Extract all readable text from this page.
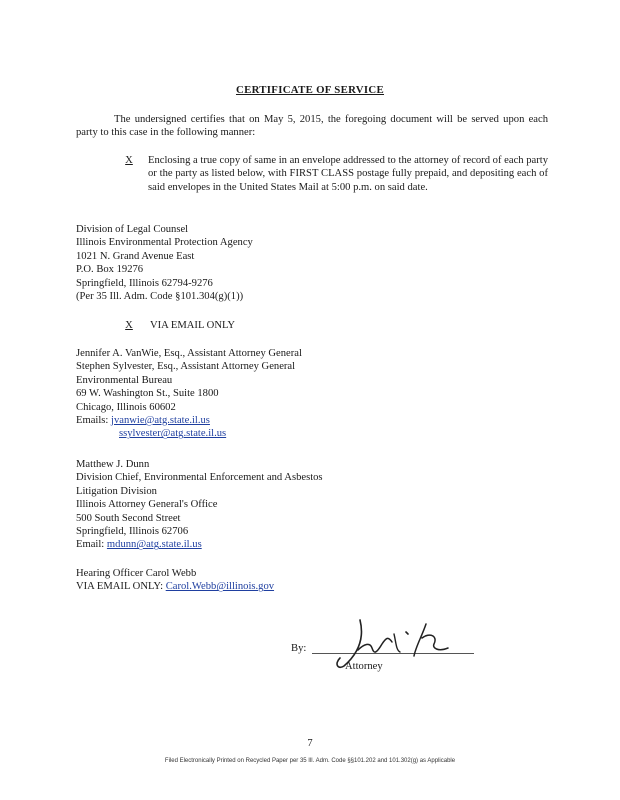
CERTIFICATE OF SERVICE
The undersigned certifies that on May 5, 2015, the foregoing document will be served upon each party to this case in the following manner:
X	Enclosing a true copy of same in an envelope addressed to the attorney of record of each party or the party as listed below, with FIRST CLASS postage fully prepaid, and depositing each of said envelopes in the United States Mail at 5:00 p.m. on said date.
Division of Legal Counsel
Illinois Environmental Protection Agency
1021 N. Grand Avenue East
P.O. Box 19276
Springfield, Illinois 62794-9276
(Per 35 Ill. Adm. Code §101.304(g)(1))
X VIA EMAIL ONLY
Jennifer A. VanWie, Esq., Assistant Attorney General
Stephen Sylvester, Esq., Assistant Attorney General
Environmental Bureau
69 W. Washington St., Suite 1800
Chicago, Illinois 60602
Emails: jvanwie@atg.state.il.us
ssylvester@atg.state.il.us
Matthew J. Dunn
Division Chief, Environmental Enforcement and Asbestos
Litigation Division
Illinois Attorney General's Office
500 South Second Street
Springfield, Illinois 62706
Email: mdunn@atg.state.il.us
Hearing Officer Carol Webb
VIA EMAIL ONLY: Carol.Webb@illinois.gov
By:
Attorney
7
Filed Electronically Printed on Recycled Paper per 35 Ill. Adm. Code §§101.202 and 101.302(g) as Applicable
